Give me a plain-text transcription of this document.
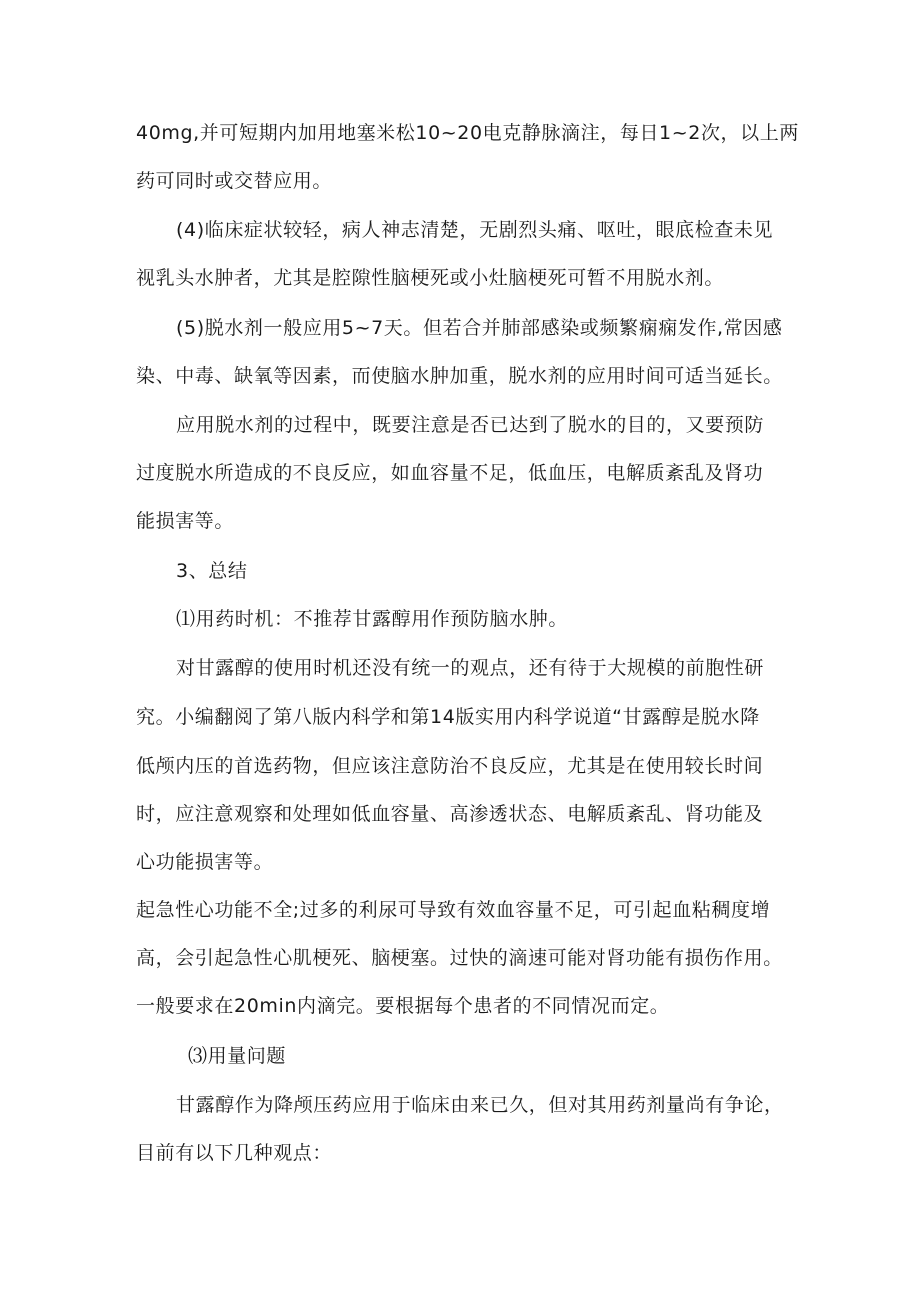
40mg,并可短期内加用地塞米松10~20电克静脉滴注，每日1~2次，以上两
药可同时或交替应用。
(4)临床症状较轻，病人神志清楚，无剧烈头痛、呕吐，眼底检查未见
视乳头水肿者，尤其是腔隙性脑梗死或小灶脑梗死可暂不用脱水剂。
(5)脱水剂一般应用5~7天。但若合并肺部感染或频繁痫痫发作,常因感
染、中毒、缺氧等因素，而使脑水肿加重，脱水剂的应用时间可适当延长。
应用脱水剂的过程中，既要注意是否已达到了脱水的目的，又要预防
过度脱水所造成的不良反应，如血容量不足，低血压，电解质紊乱及肾功
能损害等。
3、总结
⑴用药时机：不推荐甘露醇用作预防脑水肿。
对甘露醇的使用时机还没有统一的观点，还有待于大规模的前胞性研
究。小编翻阅了第八版内科学和第14版实用内科学说道“甘露醇是脱水降
低颅内压的首选药物，但应该注意防治不良反应，尤其是在使用较长时间
时，应注意观察和处理如低血容量、高渗透状态、电解质紊乱、肾功能及
心功能损害等。
起急性心功能不全;过多的利尿可导致有效血容量不足，可引起血粘稠度增
高，会引起急性心肌梗死、脑梗塞。过快的滴速可能对肾功能有损伤作用。
一般要求在20min内滴完。要根据每个患者的不同情况而定。
⑶用量问题
甘露醇作为降颅压药应用于临床由来已久，但对其用药剂量尚有争论，
目前有以下几种观点：
